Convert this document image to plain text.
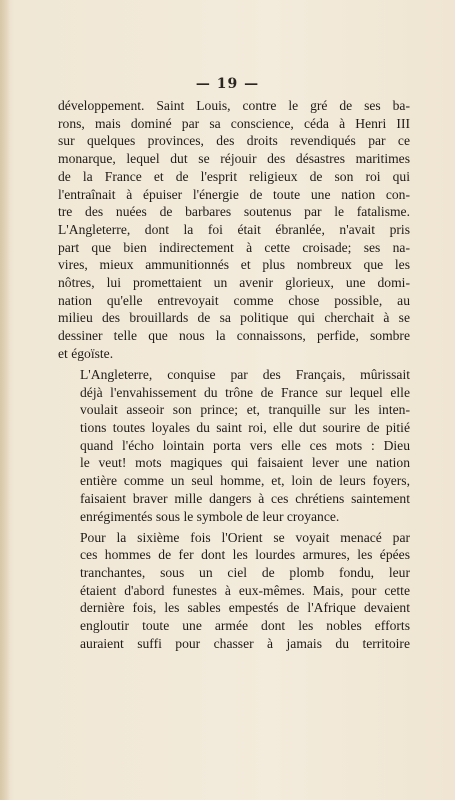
— 19 —
développement. Saint Louis, contre le gré de ses ba-
rons, mais dominé par sa conscience, céda à Henri III
sur quelques provinces, des droits revendiqués par ce
monarque, lequel dut se réjouir des désastres maritimes
de la France et de l'esprit religieux de son roi qui
l'entraînait à épuiser l'énergie de toute une nation con-
tre des nuées de barbares soutenus par le fatalisme.
L'Angleterre, dont la foi était ébranlée, n'avait pris
part que bien indirectement à cette croisade; ses na-
vires, mieux ammunitionnés et plus nombreux que les
nôtres, lui promettaient un avenir glorieux, une domi-
nation qu'elle entrevoyait comme chose possible, au
milieu des brouillards de sa politique qui cherchait à se
dessiner telle que nous la connaissons, perfide, sombre
et égoïste.
L'Angleterre, conquise par des Français, mûrissait
déjà l'envahissement du trône de France sur lequel elle
voulait asseoir son prince; et, tranquille sur les inten-
tions toutes loyales du saint roi, elle dut sourire de pitié
quand l'écho lointain porta vers elle ces mots : Dieu
le veut! mots magiques qui faisaient lever une nation
entière comme un seul homme, et, loin de leurs foyers,
faisaient braver mille dangers à ces chrétiens saintement
enrégimentés sous le symbole de leur croyance.
Pour la sixième fois l'Orient se voyait menacé par
ces hommes de fer dont les lourdes armures, les épées
tranchantes, sous un ciel de plomb fondu, leur
étaient d'abord funestes à eux-mêmes. Mais, pour cette
dernière fois, les sables empestés de l'Afrique devaient
engloutir toute une armée dont les nobles efforts
auraient suffi pour chasser à jamais du territoire
